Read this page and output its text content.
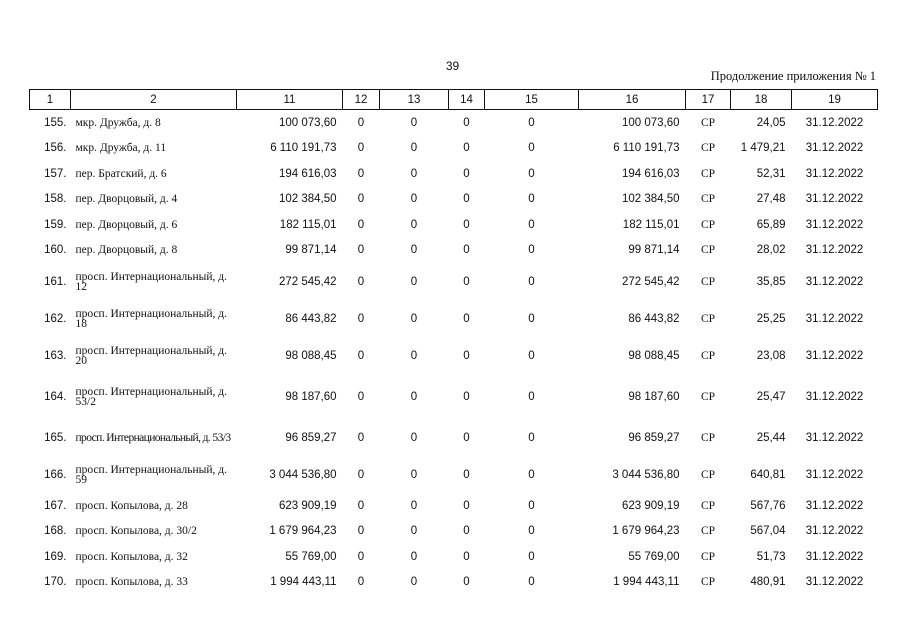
39
Продолжение приложения № 1
1	2	11	12	13	14	15	16	17	18	19
155.	мкр. Дружба, д. 8	100 073,60	0	0	0	0	100 073,60	СР	24,05	31.12.2022
156.	мкр. Дружба, д. 11	6 110 191,73	0	0	0	0	6 110 191,73	СР	1 479,21	31.12.2022
157.	пер. Братский, д. 6	194 616,03	0	0	0	0	194 616,03	СР	52,31	31.12.2022
158.	пер. Дворцовый, д. 4	102 384,50	0	0	0	0	102 384,50	СР	27,48	31.12.2022
159.	пер. Дворцовый, д. 6	182 115,01	0	0	0	0	182 115,01	СР	65,89	31.12.2022
160.	пер. Дворцовый, д. 8	99 871,14	0	0	0	0	99 871,14	СР	28,02	31.12.2022
161.	просп. Интернациональный, д. 12	272 545,42	0	0	0	0	272 545,42	СР	35,85	31.12.2022
162.	просп. Интернациональный, д. 18	86 443,82	0	0	0	0	86 443,82	СР	25,25	31.12.2022
163.	просп. Интернациональный, д. 20	98 088,45	0	0	0	0	98 088,45	СР	23,08	31.12.2022
164.	просп. Интернациональный, д. 53/2	98 187,60	0	0	0	0	98 187,60	СР	25,47	31.12.2022
165.	просп. Интернациональный, д. 53/3	96 859,27	0	0	0	0	96 859,27	СР	25,44	31.12.2022
166.	просп. Интернациональный, д. 59	3 044 536,80	0	0	0	0	3 044 536,80	СР	640,81	31.12.2022
167.	просп. Копылова, д. 28	623 909,19	0	0	0	0	623 909,19	СР	567,76	31.12.2022
168.	просп. Копылова, д. 30/2	1 679 964,23	0	0	0	0	1 679 964,23	СР	567,04	31.12.2022
169.	просп. Копылова, д. 32	55 769,00	0	0	0	0	55 769,00	СР	51,73	31.12.2022
170.	просп. Копылова, д. 33	1 994 443,11	0	0	0	0	1 994 443,11	СР	480,91	31.12.2022
